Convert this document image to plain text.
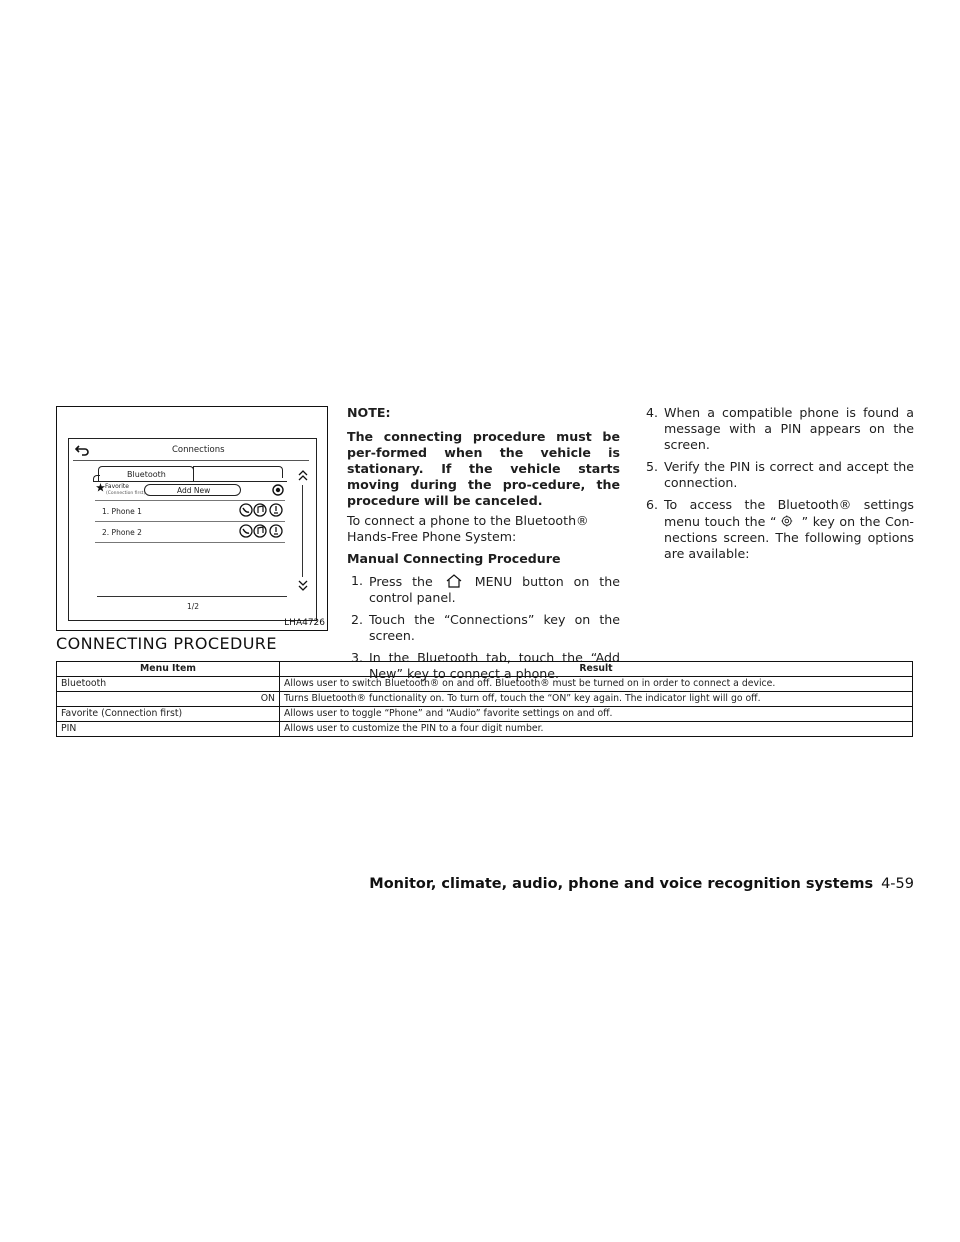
Connections
Bluetooth
Favorite
(Connection first)	Add New
1. Phone 1
2. Phone 2
1/2
LHA4726
CONNECTING PROCEDURE

NOTE:

The connecting procedure must be per-formed when the vehicle is stationary. If the vehicle starts moving during the pro-cedure, the procedure will be canceled.

To connect a phone to the Bluetooth® Hands-Free Phone System:

Manual Connecting Procedure

1. Press the	MENU button on the control panel.
2. Touch the “Connections” key on the screen.
3. In the Bluetooth tab, touch the “Add New” key to connect a phone.
4. When a compatible phone is found a message with a PIN appears on the screen.
5. Verify the PIN is correct and accept the connection.
6. To access the Bluetooth® settings menu touch the “ ” key on the Con-nections screen. The following options are available:
Menu Item	Result
Bluetooth	Allows user to switch Bluetooth® on and off. Bluetooth® must be turned on in order to connect a device.
ON	Turns Bluetooth® functionality on. To turn off, touch the “ON” key again. The indicator light will go off.
Favorite (Connection first)	Allows user to toggle “Phone” and “Audio” favorite settings on and off.
PIN	Allows user to customize the PIN to a four digit number.
Monitor, climate, audio, phone and voice recognition systems 4-59
